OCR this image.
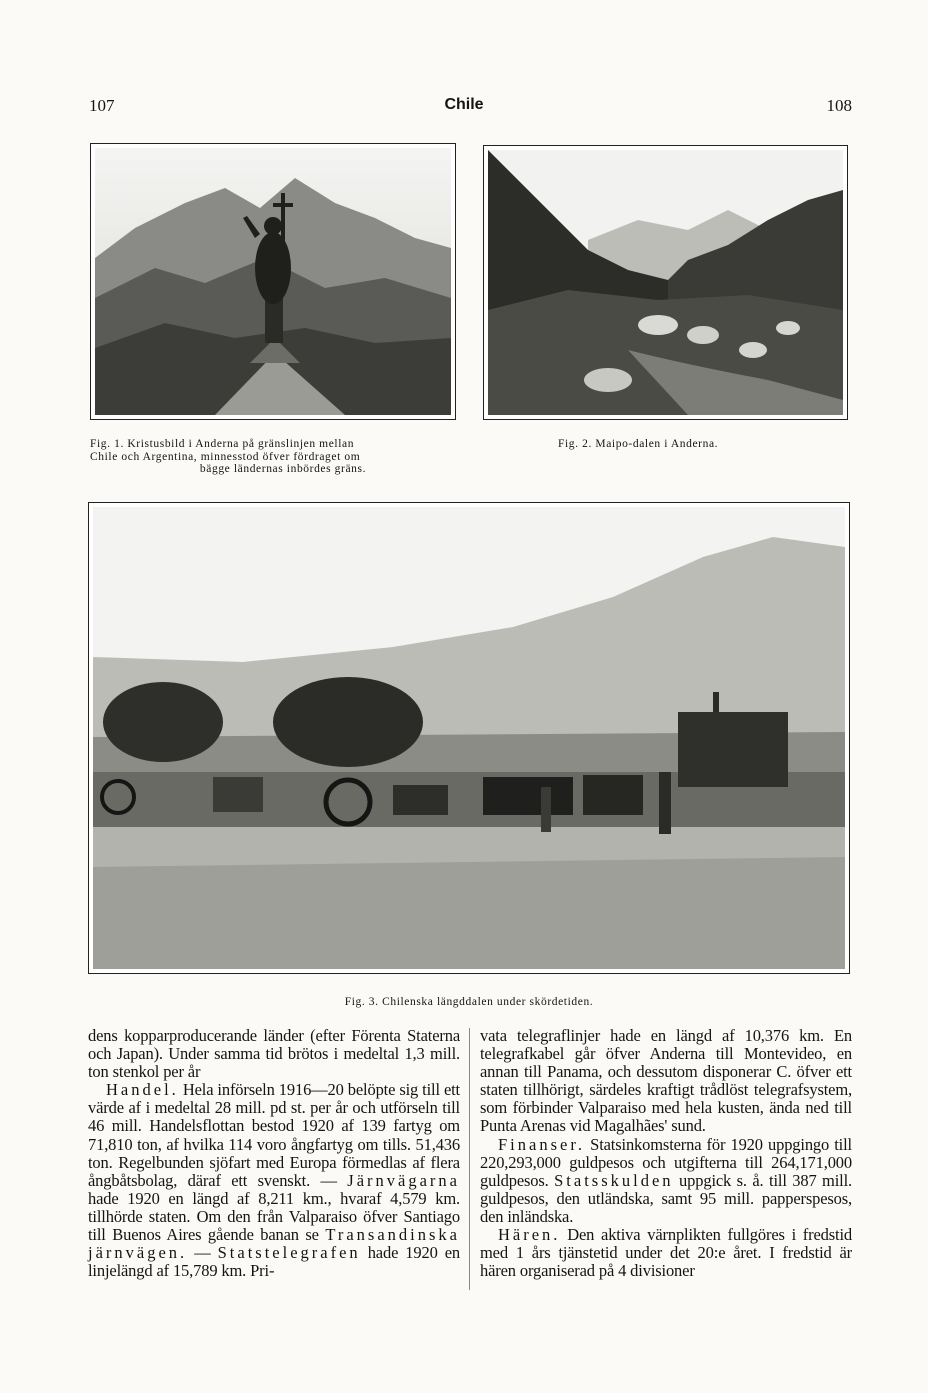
107	Chile	108
Fig. 1. Kristusbild i Anderna på gränslinjen mellan
Chile och Argentina, minnesstod öfver fördraget om
bägge ländernas inbördes gräns.
Fig. 2. Maipo-dalen i Anderna.
Fig. 3. Chilenska längddalen under skördetiden.

dens kopparproducerande länder (efter Förenta Staterna och Japan). Under samma tid brötos i medeltal 1,3 mill. ton stenkol per år

Handel. Hela införseln 1916—20 belöpte sig till ett värde af i medeltal 28 mill. pd st. per år och utförseln till 46 mill. Handelsflottan bestod 1920 af 139 fartyg om 71,810 ton, af hvilka 114 voro ångfartyg om tills. 51,436 ton. Regelbunden sjöfart med Europa förmedlas af flera ångbåtsbolag, däraf ett svenskt. — Järnvägarna hade 1920 en längd af 8,211 km., hvaraf 4,579 km. tillhörde staten. Om den från Valparaiso öfver Santiago till Buenos Aires gående banan se Transandinska järnvägen. — Statstelegrafen hade 1920 en linjelängd af 15,789 km. Pri-

vata telegraflinjer hade en längd af 10,376 km. En telegrafkabel går öfver Anderna till Montevideo, en annan till Panama, och dessutom disponerar C. öfver ett staten tillhörigt, särdeles kraftigt trådlöst telegrafsystem, som förbinder Valparaiso med hela kusten, ända ned till Punta Arenas vid Magalhães' sund.

Finanser. Statsinkomsterna för 1920 uppgingo till 220,293,000 guldpesos och utgifterna till 264,171,000 guldpesos. Statsskulden uppgick s. å. till 387 mill. guldpesos, den utländska, samt 95 mill. papperspesos, den inländska.

Hären. Den aktiva värnplikten fullgöres i fredstid med 1 års tjänstetid under det 20:e året. I fredstid är hären organiserad på 4 divisioner
